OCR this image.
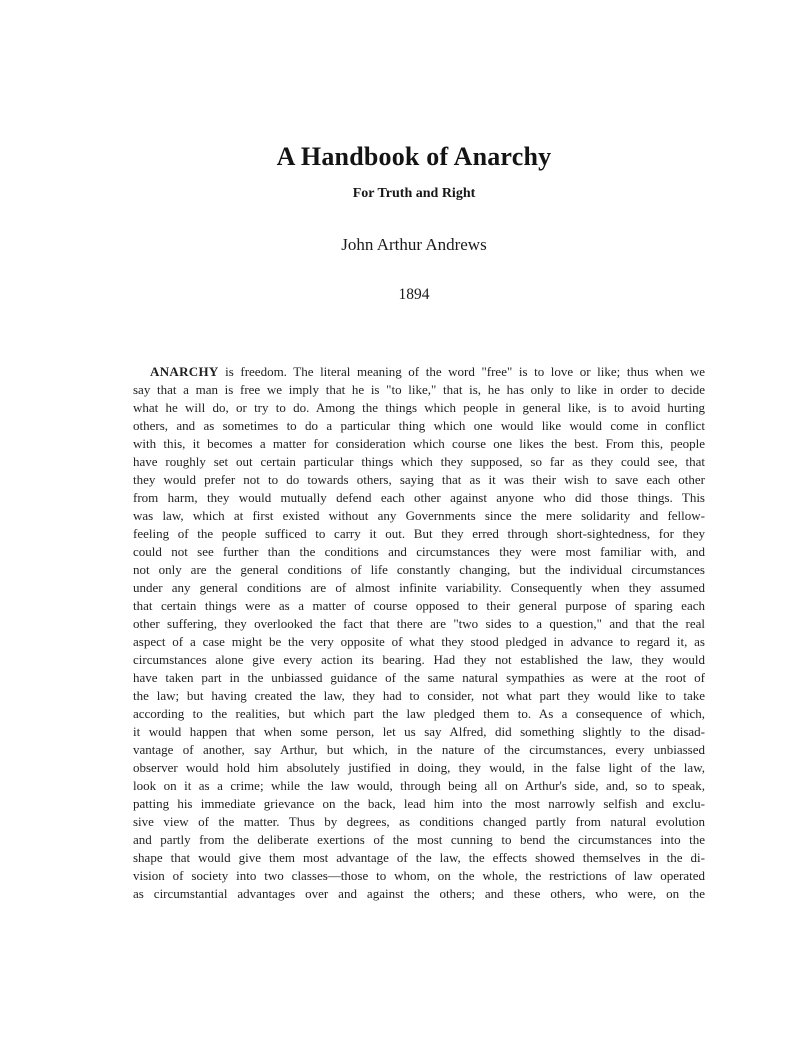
A Handbook of Anarchy
For Truth and Right
John Arthur Andrews
1894
ANARCHY is freedom. The literal meaning of the word "free" is to love or like; thus when we
say that a man is free we imply that he is "to like," that is, he has only to like in order to decide
what he will do, or try to do. Among the things which people in general like, is to avoid hurting
others, and as sometimes to do a particular thing which one would like would come in conflict
with this, it becomes a matter for consideration which course one likes the best. From this, people
have roughly set out certain particular things which they supposed, so far as they could see, that
they would prefer not to do towards others, saying that as it was their wish to save each other
from harm, they would mutually defend each other against anyone who did those things. This
was law, which at first existed without any Governments since the mere solidarity and fellow-
feeling of the people sufficed to carry it out. But they erred through short-sightedness, for they
could not see further than the conditions and circumstances they were most familiar with, and
not only are the general conditions of life constantly changing, but the individual circumstances
under any general conditions are of almost infinite variability. Consequently when they assumed
that certain things were as a matter of course opposed to their general purpose of sparing each
other suffering, they overlooked the fact that there are "two sides to a question," and that the real
aspect of a case might be the very opposite of what they stood pledged in advance to regard it, as
circumstances alone give every action its bearing. Had they not established the law, they would
have taken part in the unbiassed guidance of the same natural sympathies as were at the root of
the law; but having created the law, they had to consider, not what part they would like to take
according to the realities, but which part the law pledged them to. As a consequence of which,
it would happen that when some person, let us say Alfred, did something slightly to the disad-
vantage of another, say Arthur, but which, in the nature of the circumstances, every unbiassed
observer would hold him absolutely justified in doing, they would, in the false light of the law,
look on it as a crime; while the law would, through being all on Arthur's side, and, so to speak,
patting his immediate grievance on the back, lead him into the most narrowly selfish and exclu-
sive view of the matter. Thus by degrees, as conditions changed partly from natural evolution
and partly from the deliberate exertions of the most cunning to bend the circumstances into the
shape that would give them most advantage of the law, the effects showed themselves in the di-
vision of society into two classes—those to whom, on the whole, the restrictions of law operated
as circumstantial advantages over and against the others; and these others, who were, on the
